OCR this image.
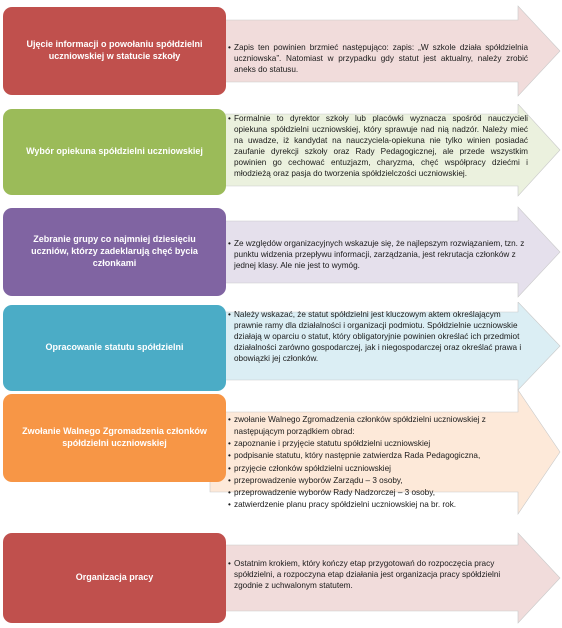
Ujęcie informacji o powołaniu spółdzielni uczniowskiej w statucie szkoły
• Zapis ten powinien brzmieć następująco: zapis: „W szkole działa spółdzielnia uczniowska”. Natomiast w przypadku gdy statut jest aktualny, należy zrobić aneks do statusu.
Wybór opiekuna spółdzielni uczniowskiej
• Formalnie to dyrektor szkoły lub placówki wyznacza spośród nauczycieli opiekuna spółdzielni uczniowskiej, który sprawuje nad nią nadzór. Należy mieć na uwadze, iż kandydat na nauczyciela-opiekuna nie tylko winien posiadać zaufanie dyrekcji szkoły oraz Rady Pedagogicznej, ale przede wszystkim powinien go cechować entuzjazm, charyzma, chęć współpracy dziećmi i młodzieżą oraz pasja do tworzenia spółdzielczości uczniowskiej.
Zebranie grupy co najmniej dziesięciu uczniów, którzy zadeklarują chęć bycia członkami
• Ze względów organizacyjnych wskazuje się, że najlepszym rozwiązaniem, tzn. z punktu widzenia przepływu informacji, zarządzania, jest rekrutacja członków z jednej klasy. Ale nie jest to wymóg.
Opracowanie statutu spółdzielni
• Należy wskazać, że statut spółdzielni jest kluczowym aktem określającym prawnie ramy dla działalności i organizacji podmiotu. Spółdzielnie uczniowskie działają w oparciu o statut, który obligatoryjnie powinien określać ich przedmiot działalności zarówno gospodarczej, jak i niegospodarczej oraz określać prawa i obowiązki jej członków.
Zwołanie Walnego Zgromadzenia członków spółdzielni uczniowskiej
• zwołanie Walnego Zgromadzenia członków spółdzielni uczniowskiej z następującym porządkiem obrad:
• zapoznanie i przyjęcie statutu spółdzielni uczniowskiej
• podpisanie statutu, który następnie zatwierdza Rada Pedagogiczna,
• przyjęcie członków spółdzielni uczniowskiej
• przeprowadzenie wyborów Zarządu – 3 osoby,
• przeprowadzenie wyborów Rady Nadzorczej – 3 osoby,
• zatwierdzenie planu pracy spółdzielni uczniowskiej na br. rok.
Organizacja pracy
• Ostatnim krokiem, który kończy etap przygotowań do rozpoczęcia pracy spółdzielni, a rozpoczyna etap działania jest organizacja pracy spółdzielni zgodnie z uchwalonym statutem.
